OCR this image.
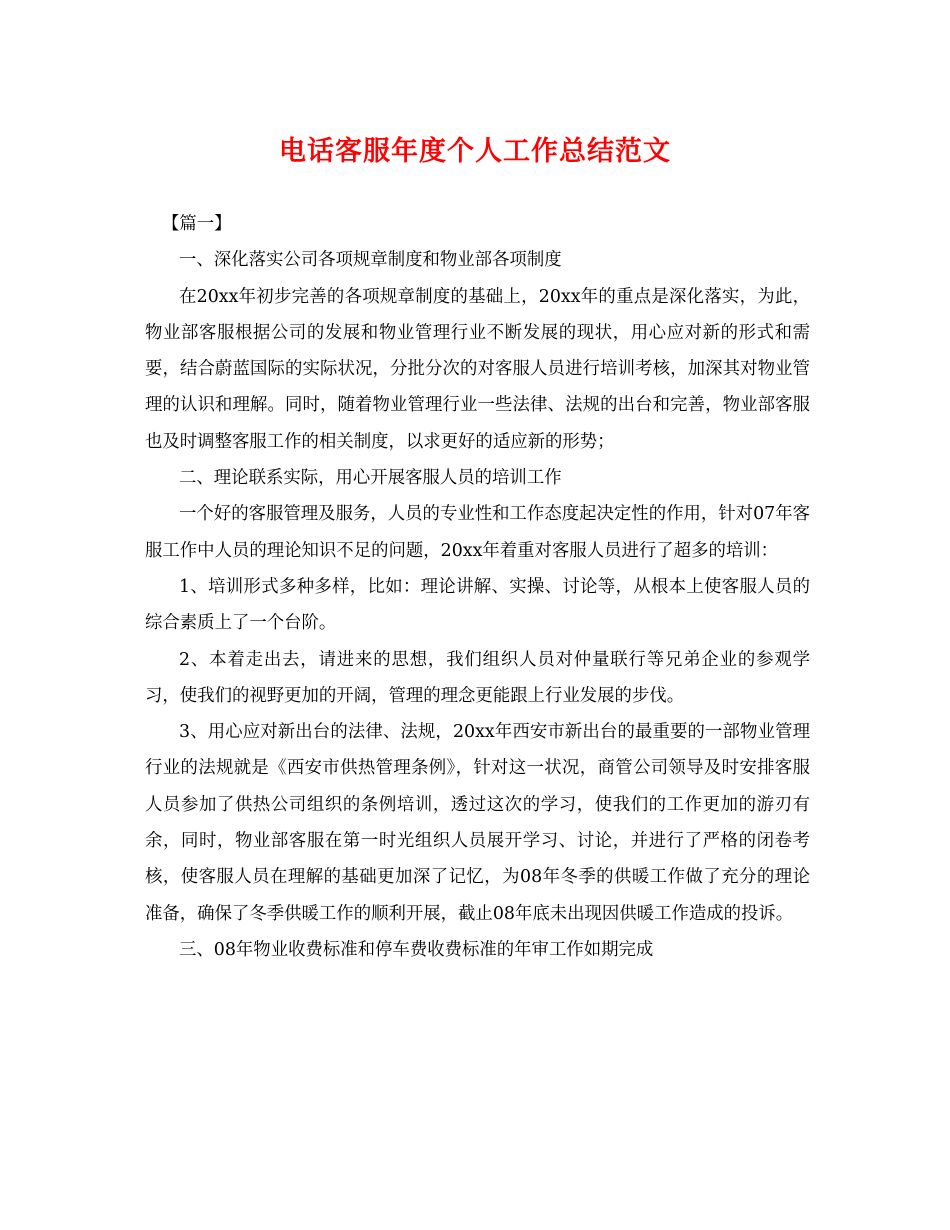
电话客服年度个人工作总结范文

【篇一】

一、深化落实公司各项规章制度和物业部各项制度

在20xx年初步完善的各项规章制度的基础上，20xx年的重点是深化落实，为此，物业部客服根据公司的发展和物业管理行业不断发展的现状，用心应对新的形式和需要，结合蔚蓝国际的实际状况，分批分次的对客服人员进行培训考核，加深其对物业管理的认识和理解。同时，随着物业管理行业一些法律、法规的出台和完善，物业部客服也及时调整客服工作的相关制度，以求更好的适应新的形势；

二、理论联系实际，用心开展客服人员的培训工作

一个好的客服管理及服务，人员的专业性和工作态度起决定性的作用，针对07年客服工作中人员的理论知识不足的问题，20xx年着重对客服人员进行了超多的培训：

1、培训形式多种多样，比如：理论讲解、实操、讨论等，从根本上使客服人员的综合素质上了一个台阶。

2、本着走出去，请进来的思想，我们组织人员对仲量联行等兄弟企业的参观学习，使我们的视野更加的开阔，管理的理念更能跟上行业发展的步伐。

3、用心应对新出台的法律、法规，20xx年西安市新出台的最重要的一部物业管理行业的法规就是《西安市供热管理条例》，针对这一状况，商管公司领导及时安排客服人员参加了供热公司组织的条例培训，透过这次的学习，使我们的工作更加的游刃有余，同时，物业部客服在第一时光组织人员展开学习、讨论，并进行了严格的闭卷考核，使客服人员在理解的基础更加深了记忆，为08年冬季的供暖工作做了充分的理论准备，确保了冬季供暖工作的顺利开展，截止08年底未出现因供暖工作造成的投诉。

三、08年物业收费标准和停车费收费标准的年审工作如期完成
